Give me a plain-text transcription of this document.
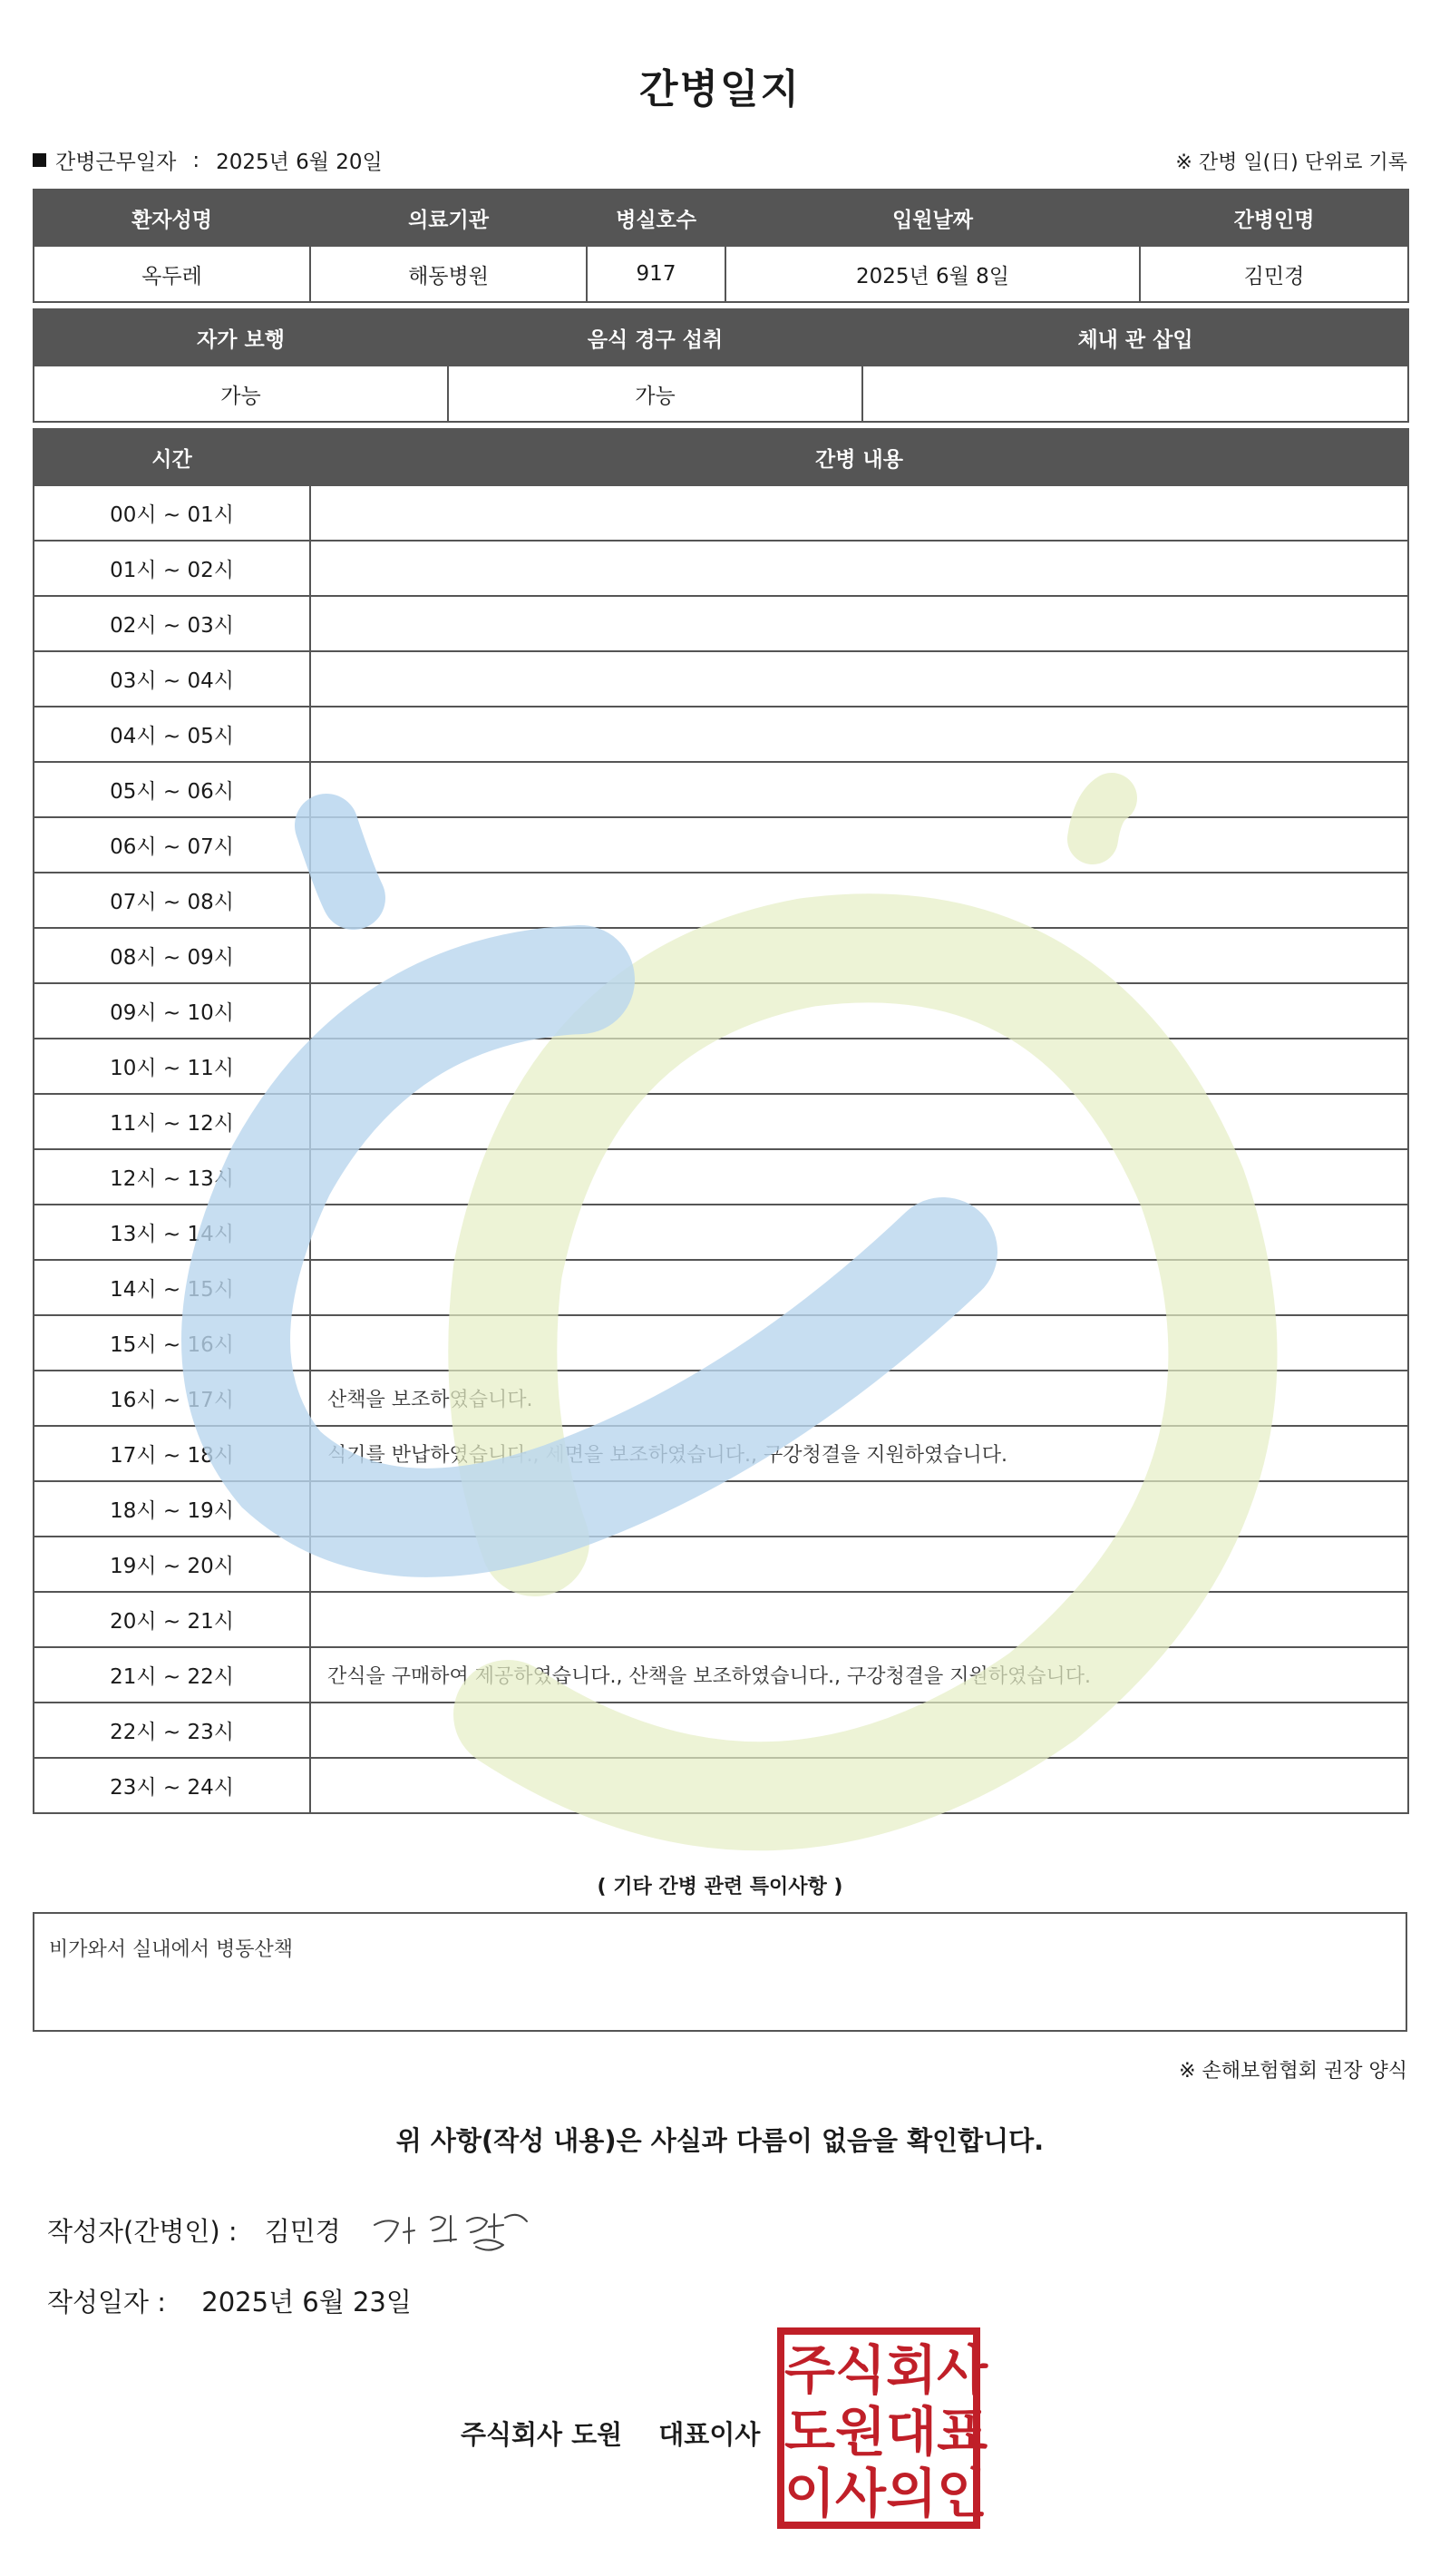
간병일지
간병근무일자 : 2025년 6월 20일	※ 간병 일(日) 단위로 기록
환자성명	의료기관	병실호수	입원날짜	간병인명
옥두레	해동병원	917	2025년 6월 8일	김민경
자가 보행	음식 경구 섭취	체내 관 삽입
가능	가능	
시간	간병 내용
00시 ~ 01시	
01시 ~ 02시	
02시 ~ 03시	
03시 ~ 04시	
04시 ~ 05시	
05시 ~ 06시	
06시 ~ 07시	
07시 ~ 08시	
08시 ~ 09시	
09시 ~ 10시	
10시 ~ 11시	
11시 ~ 12시	
12시 ~ 13시	
13시 ~ 14시	
14시 ~ 15시	
15시 ~ 16시	
16시 ~ 17시	산책을 보조하였습니다.
17시 ~ 18시	식기를 반납하였습니다., 세면을 보조하였습니다., 구강청결을 지원하였습니다.
18시 ~ 19시	
19시 ~ 20시	
20시 ~ 21시	
21시 ~ 22시	간식을 구매하여 제공하였습니다., 산책을 보조하였습니다., 구강청결을 지원하였습니다.
22시 ~ 23시	
23시 ~ 24시	
( 기타 간병 관련 특이사항 )
비가와서 실내에서 병동산책
※ 손해보험협회 권장 양식
위 사항(작성 내용)은 사실과 다름이 없음을 확인합니다.
작성자(간병인) : 김민경
작성일자 : 2025년 6월 23일
주식회사 도원 대표이사
주 식 회 사
도 원 대 표
이 사 의 인
